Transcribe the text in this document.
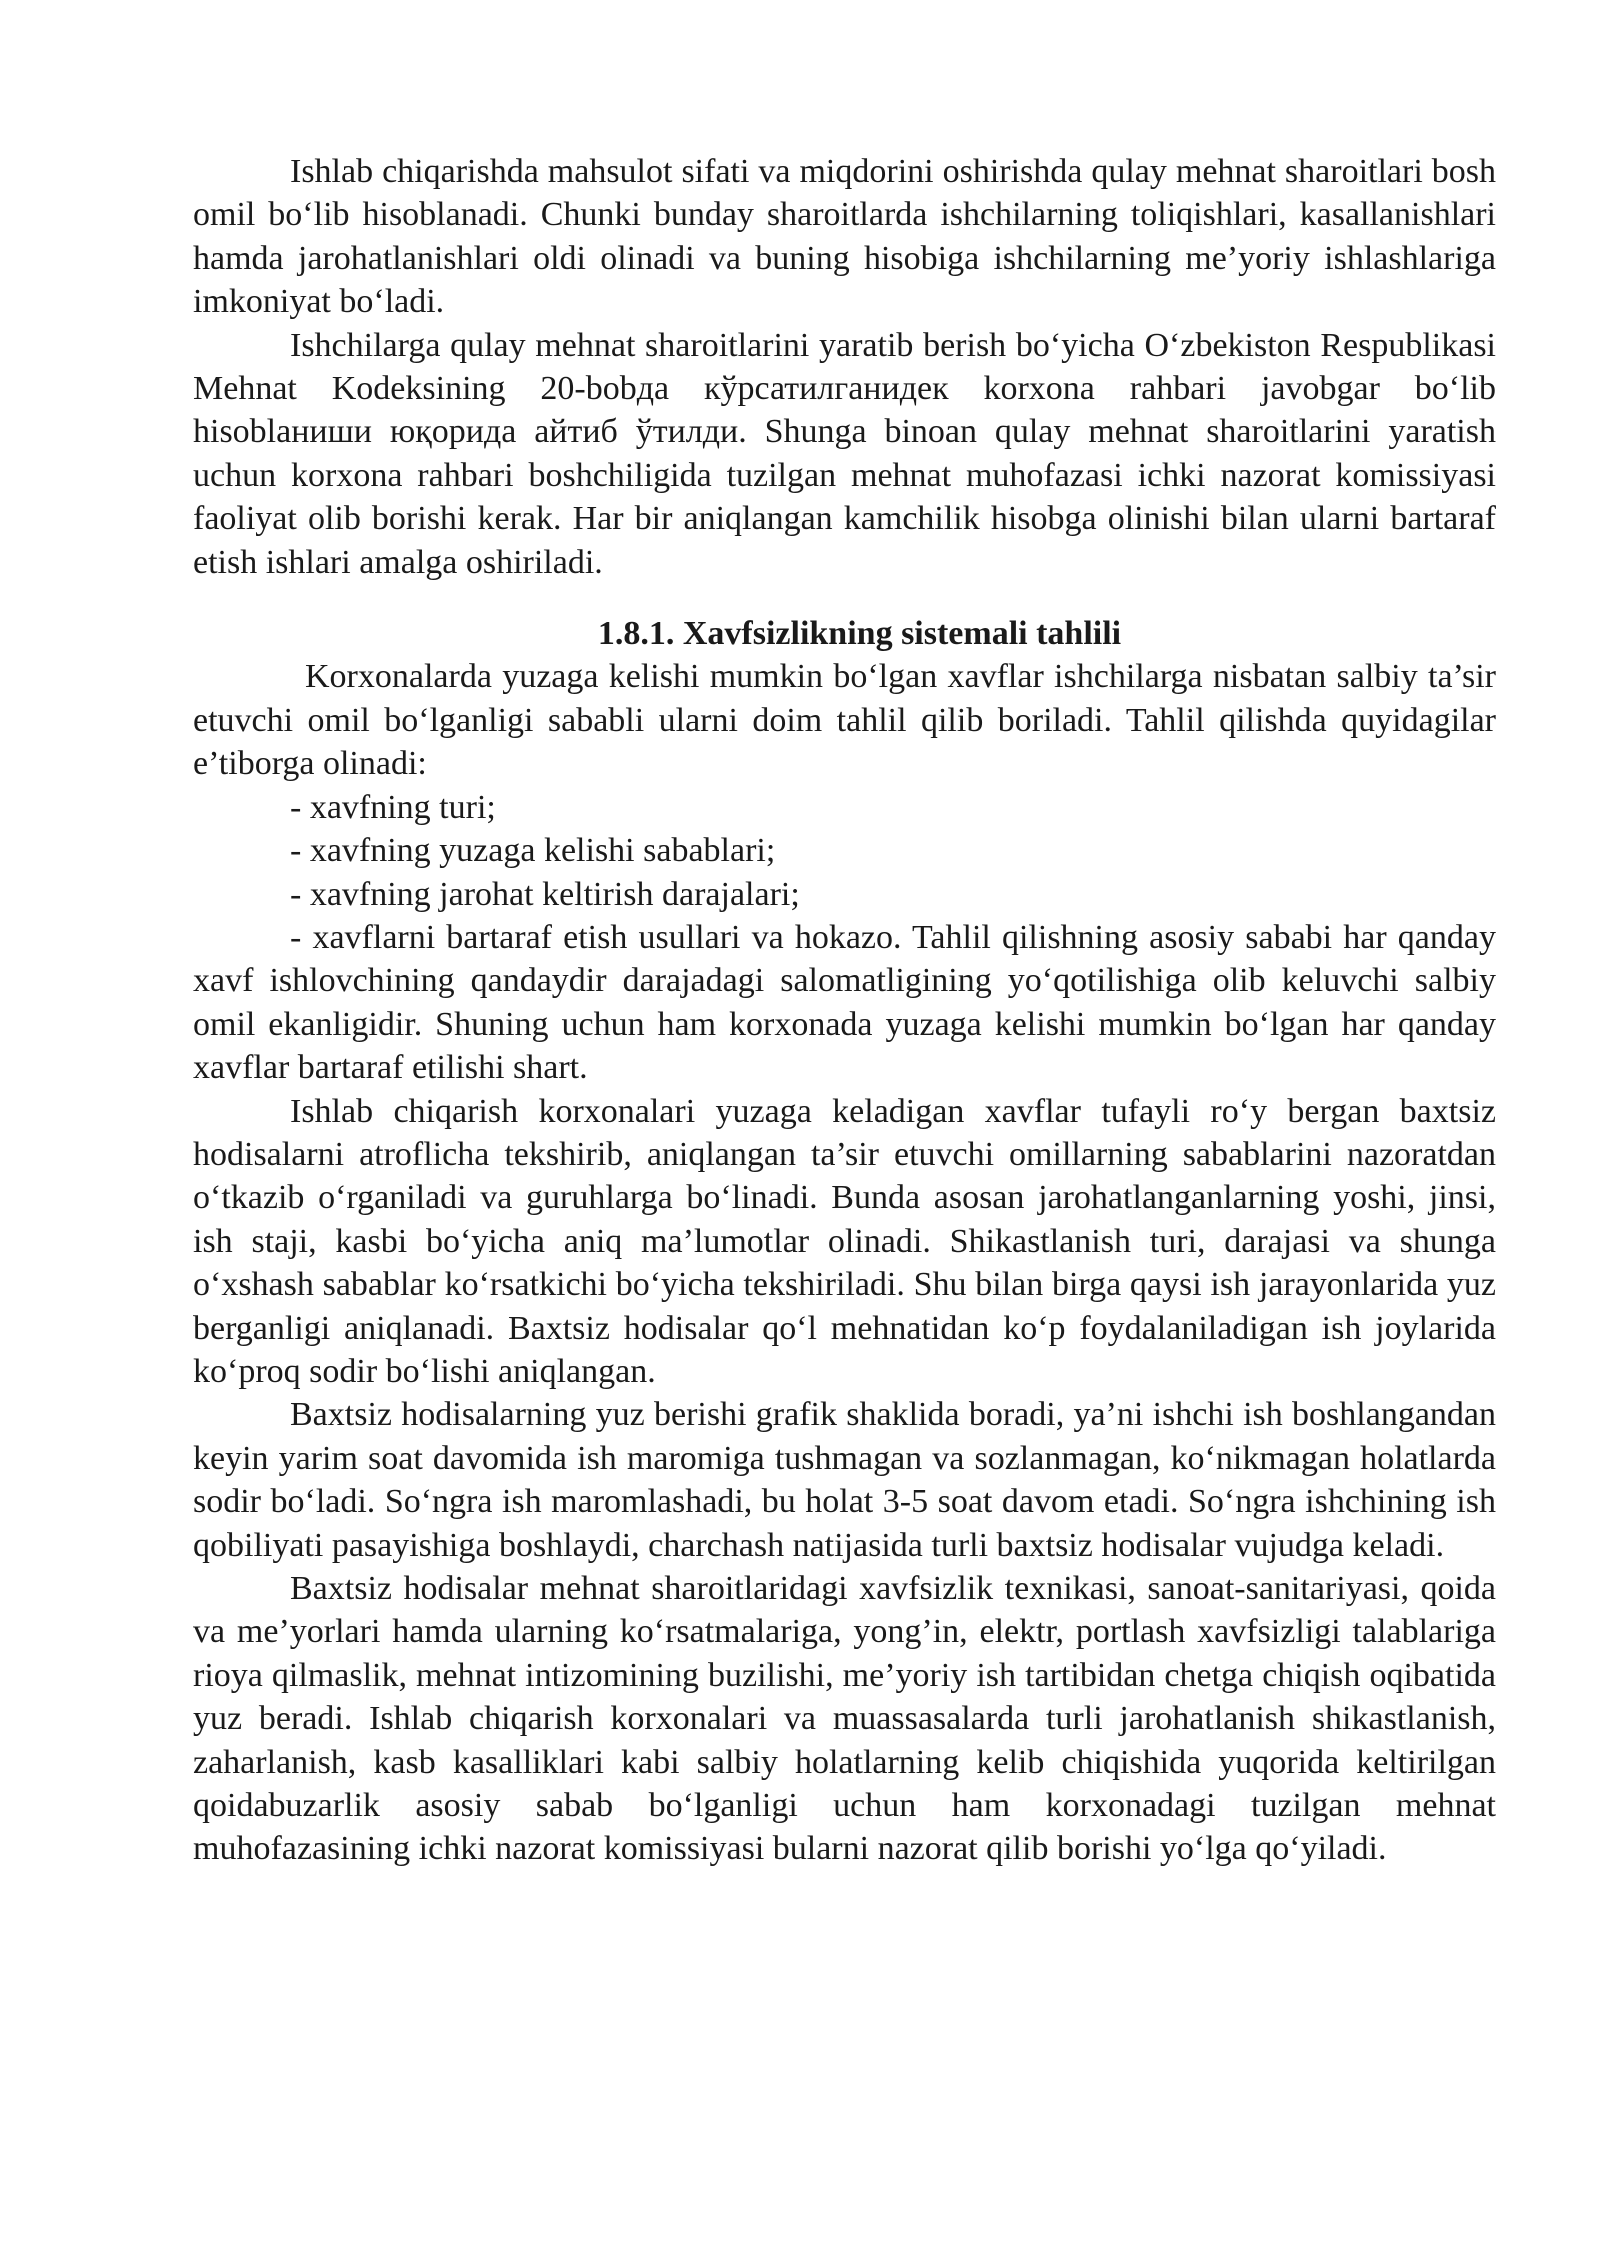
Ishlab chiqarishda mahsulot sifati va miqdorini oshirishda qulay mehnat sharoitlari bosh omil bo‘lib hisoblanadi. Chunki bunday sharoitlarda ishchilarning toliqishlari, kasallanishlari hamda jarohatlanishlari oldi olinadi va buning hisobiga ishchilarning me’yoriy ishlashlariga imkoniyat bo‘ladi.

Ishchilarga qulay mehnat sharoitlarini yaratib berish bo‘yicha O‘zbekiston Respublikasi Mehnat Kodeksining 20-bobда кўрсатилганидек korxona rahbari javobgar bo‘lib hisoblaниши юқорида айтиб ўтилди. Shunga binoan qulay mehnat sharoitlarini yaratish uchun korxona rahbari boshchiligida tuzilgan mehnat muhofazasi ichki nazorat komissiyasi faoliyat olib borishi kerak. Har bir aniqlangan kamchilik hisobga olinishi bilan ularni bartaraf etish ishlari amalga oshiriladi.

1.8.1. Xavfsizlikning sistemali tahlili

Korxonalarda yuzaga kelishi mumkin bo‘lgan xavflar ishchilarga nisbatan salbiy ta’sir etuvchi omil bo‘lganligi sababli ularni doim tahlil qilib boriladi. Tahlil qilishda quyidagilar e’tiborga olinadi:

- xavfning turi;
- xavfning yuzaga kelishi sabablari;
- xavfning jarohat keltirish darajalari;

- xavflarni bartaraf etish usullari va hokazo. Tahlil qilishning asosiy sababi har qanday xavf ishlovchining qandaydir darajadagi salomatligining yo‘qotilishiga olib keluvchi salbiy omil ekanligidir. Shuning uchun ham korxonada yuzaga kelishi mumkin bo‘lgan har qanday xavflar bartaraf etilishi shart.

Ishlab chiqarish korxonalari yuzaga keladigan xavflar tufayli ro‘y bergan baxtsiz hodisalarni atroflicha tekshirib, aniqlangan ta’sir etuvchi omillarning sabablarini nazoratdan o‘tkazib o‘rganiladi va guruhlarga bo‘linadi. Bunda asosan jarohatlanganlarning yoshi, jinsi, ish staji, kasbi bo‘yicha aniq ma’lumotlar olinadi. Shikastlanish turi, darajasi va shunga o‘xshash sabablar ko‘rsatkichi bo‘yicha tekshiriladi. Shu bilan birga qaysi ish jarayonlarida yuz berganligi aniqlanadi. Baxtsiz hodisalar qo‘l mehnatidan ko‘p foydalaniladigan ish joylarida ko‘proq sodir bo‘lishi aniqlangan.

Baxtsiz hodisalarning yuz berishi grafik shaklida boradi, ya’ni ishchi ish boshlangandan keyin yarim soat davomida ish maromiga tushmagan va sozlanmagan, ko‘nikmagan holatlarda sodir bo‘ladi. So‘ngra ish maromlashadi, bu holat 3-5 soat davom etadi. So‘ngra ishchining ish qobiliyati pasayishiga boshlaydi, charchash natijasida turli baxtsiz hodisalar vujudga keladi.

Baxtsiz hodisalar mehnat sharoitlaridagi xavfsizlik texnikasi, sanoat-sanitariyasi, qoida va me’yorlari hamda ularning ko‘rsatmalariga, yong’in, elektr, portlash xavfsizligi talablariga rioya qilmaslik, mehnat intizomining buzilishi, me’yoriy ish tartibidan chetga chiqish oqibatida yuz beradi. Ishlab chiqarish korxonalari va muassasalarda turli jarohatlanish shikastlanish, zaharlanish, kasb kasalliklari kabi salbiy holatlarning kelib chiqishida yuqorida keltirilgan qoidabuzarlik asosiy sabab bo‘lganligi uchun ham korxonadagi tuzilgan mehnat muhofazasining ichki nazorat komissiyasi bularni nazorat qilib borishi yo‘lga qo‘yiladi.
